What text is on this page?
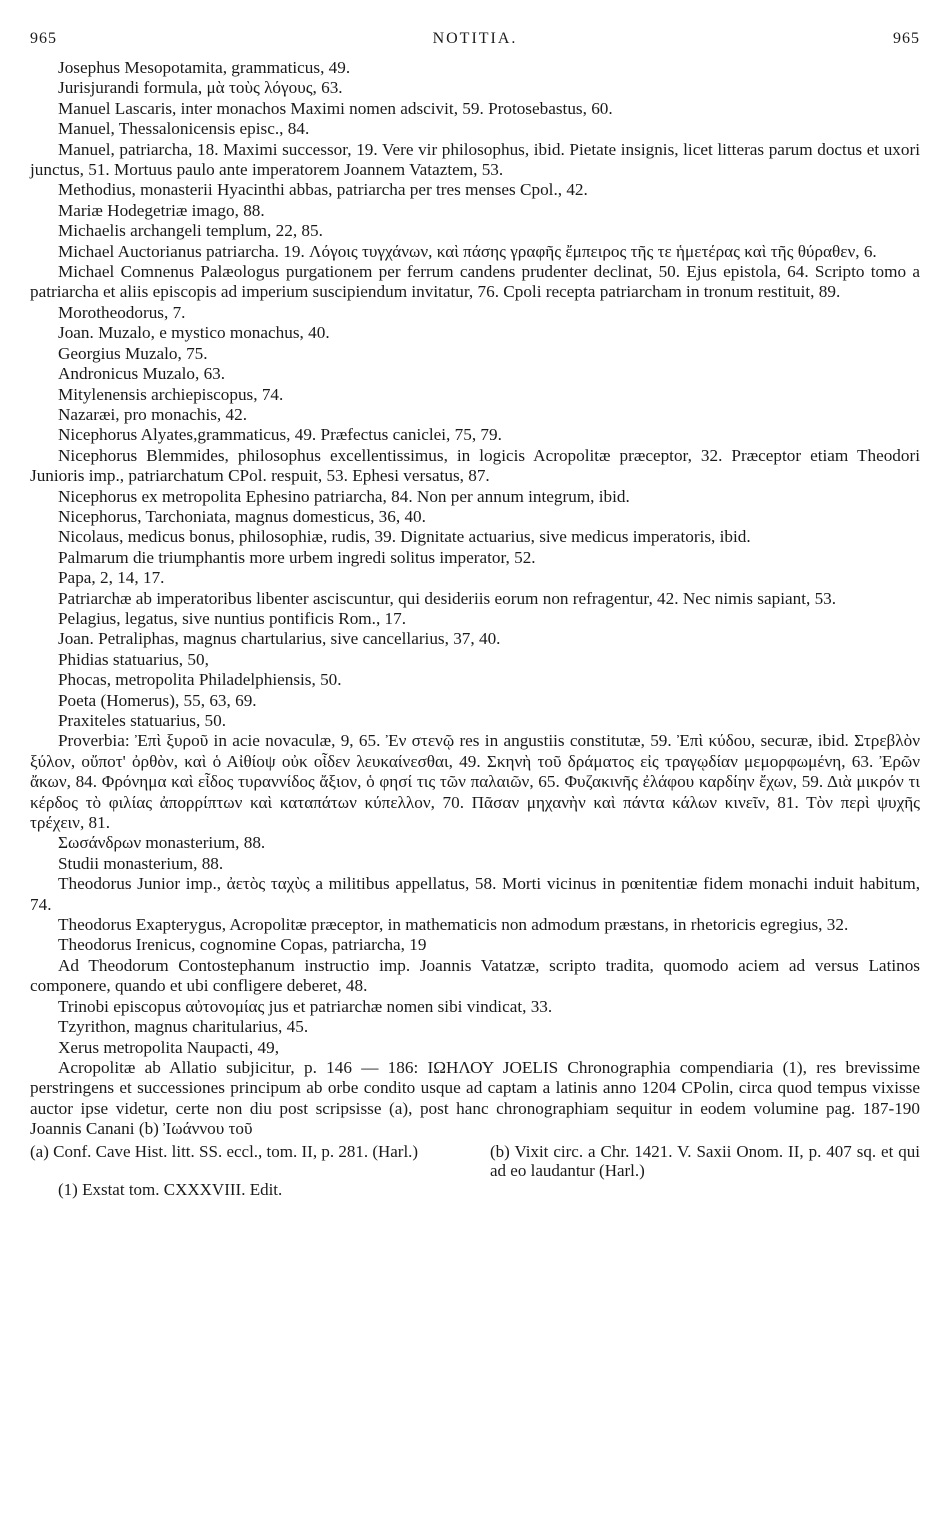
965	NOTITIA.	965

Josephus Mesopotamita, grammaticus, 49.

Jurisjurandi formula, μὰ τοὺς λόγους, 63.

Manuel Lascaris, inter monachos Maximi nomen adscivit, 59. Protosebastus, 60.

Manuel, Thessalonicensis episc., 84.

Manuel, patriarcha, 18. Maximi successor, 19. Vere vir philosophus, ibid. Pietate insignis, licet litteras parum doctus et uxori junctus, 51. Mortuus paulo ante imperatorem Joannem Vataztem, 53.

Methodius, monasterii Hyacinthi abbas, patriarcha per tres menses Cpol., 42.

Mariæ Hodegetriæ imago, 88.

Michaelis archangeli templum, 22, 85.

Michael Auctorianus patriarcha. 19. Λόγοις τυγχάνων, καὶ πάσης γραφῆς ἔμπειρος τῆς τε ἡμετέρας καὶ τῆς θύραθεν, 6.

Michael Comnenus Palæologus purgationem per ferrum candens prudenter declinat, 50. Ejus epistola, 64. Scripto tomo a patriarcha et aliis episcopis ad imperium suscipiendum invitatur, 76. Cpoli recepta patriarcham in tronum restituit, 89.

Morotheodorus, 7.

Joan. Muzalo, e mystico monachus, 40.

Georgius Muzalo, 75.

Andronicus Muzalo, 63.

Mitylenensis archiepiscopus, 74.

Nazaræi, pro monachis, 42.

Nicephorus Alyates,grammaticus, 49. Præfectus caniclei, 75, 79.

Nicephorus Blemmides, philosophus excellentissimus, in logicis Acropolitæ præceptor, 32. Præceptor etiam Theodori Junioris imp., patriarchatum CPol. respuit, 53. Ephesi versatus, 87.

Nicephorus ex metropolita Ephesino patriarcha, 84. Non per annum integrum, ibid.

Nicephorus, Tarchoniata, magnus domesticus, 36, 40.

Nicolaus, medicus bonus, philosophiæ, rudis, 39. Dignitate actuarius, sive medicus imperatoris, ibid.

Palmarum die triumphantis more urbem ingredi solitus imperator, 52.

Papa, 2, 14, 17.

Patriarchæ ab imperatoribus libenter asciscuntur, qui desideriis eorum non refragentur, 42. Nec nimis sapiant, 53.

Pelagius, legatus, sive nuntius pontificis Rom., 17.

Joan. Petraliphas, magnus chartularius, sive cancellarius, 37, 40.

Phidias statuarius, 50,

Phocas, metropolita Philadelphiensis, 50.

Poeta (Homerus), 55, 63, 69.

Praxiteles statuarius, 50.

Proverbia: Ἐπὶ ξυροῦ in acie novaculæ, 9, 65. Ἐν στενῷ res in angustiis constitutæ, 59. Ἐπὶ κύδου, securæ, ibid. Στρεβλὸν ξύλον, οὔποτ' ὀρθὸν, καὶ ὁ Αἰθίοψ οὐκ οἶδεν λευκαίνεσθαι, 49. Σκηνὴ τοῦ δράματος εἰς τραγῳδίαν μεμορφωμένη, 63. Ἐρῶν ἄκων, 84. Φρόνημα καὶ εἶδος τυραννίδος ἄξιον, ὁ φησί τις τῶν παλαιῶν, 65. Φυζακινῆς ἐλάφου καρδίην ἔχων, 59. Διὰ μικρόν τι κέρδος τὸ φιλίας ἀπορρίπτων καὶ καταπάτων κύπελλον, 70. Πᾶσαν μηχανὴν καὶ πάντα κάλων κινεῖν, 81. Τὸν περὶ ψυχῆς τρέχειν, 81.

Σωσάνδρων monasterium, 88.

Studii monasterium, 88.

Theodorus Junior imp., ἀετὸς ταχὺς a militibus appellatus, 58. Morti vicinus in pœnitentiæ fidem monachi induit habitum, 74.

Theodorus Exapterygus, Acropolitæ præceptor, in mathematicis non admodum præstans, in rhetoricis egregius, 32.

Theodorus Irenicus, cognomine Copas, patriarcha, 19

Ad Theodorum Contostephanum instructio imp. Joannis Vatatzæ, scripto tradita, quomodo aciem ad versus Latinos componere, quando et ubi confligere deberet, 48.

Trinobi episcopus αὐτονομίας jus et patriarchæ nomen sibi vindicat, 33.

Tzyrithon, magnus charitularius, 45.

Xerus metropolita Naupacti, 49,

Acropolitæ ab Allatio subjicitur, p. 146 — 186: ΙΩΗΛΟΥ JOELIS Chronographia compendiaria (1), res brevissime perstringens et successiones principum ab orbe condito usque ad captam a latinis anno 1204 CPolin, circa quod tempus vixisse auctor ipse videtur, certe non diu post scripsisse (a), post hanc chronographiam sequitur in eodem volumine pag. 187-190 Joannis Canani (b) Ἰωάννου τοῦ

(a) Conf. Cave Hist. litt. SS. eccl., tom. II, p. 281. (Harl.)	(b) Vixit circ. a Chr. 1421. V. Saxii Onom. II, p. 407 sq. et qui ad eo laudantur (Harl.)
(1) Exstat tom. CXXXVIII. Edit.
